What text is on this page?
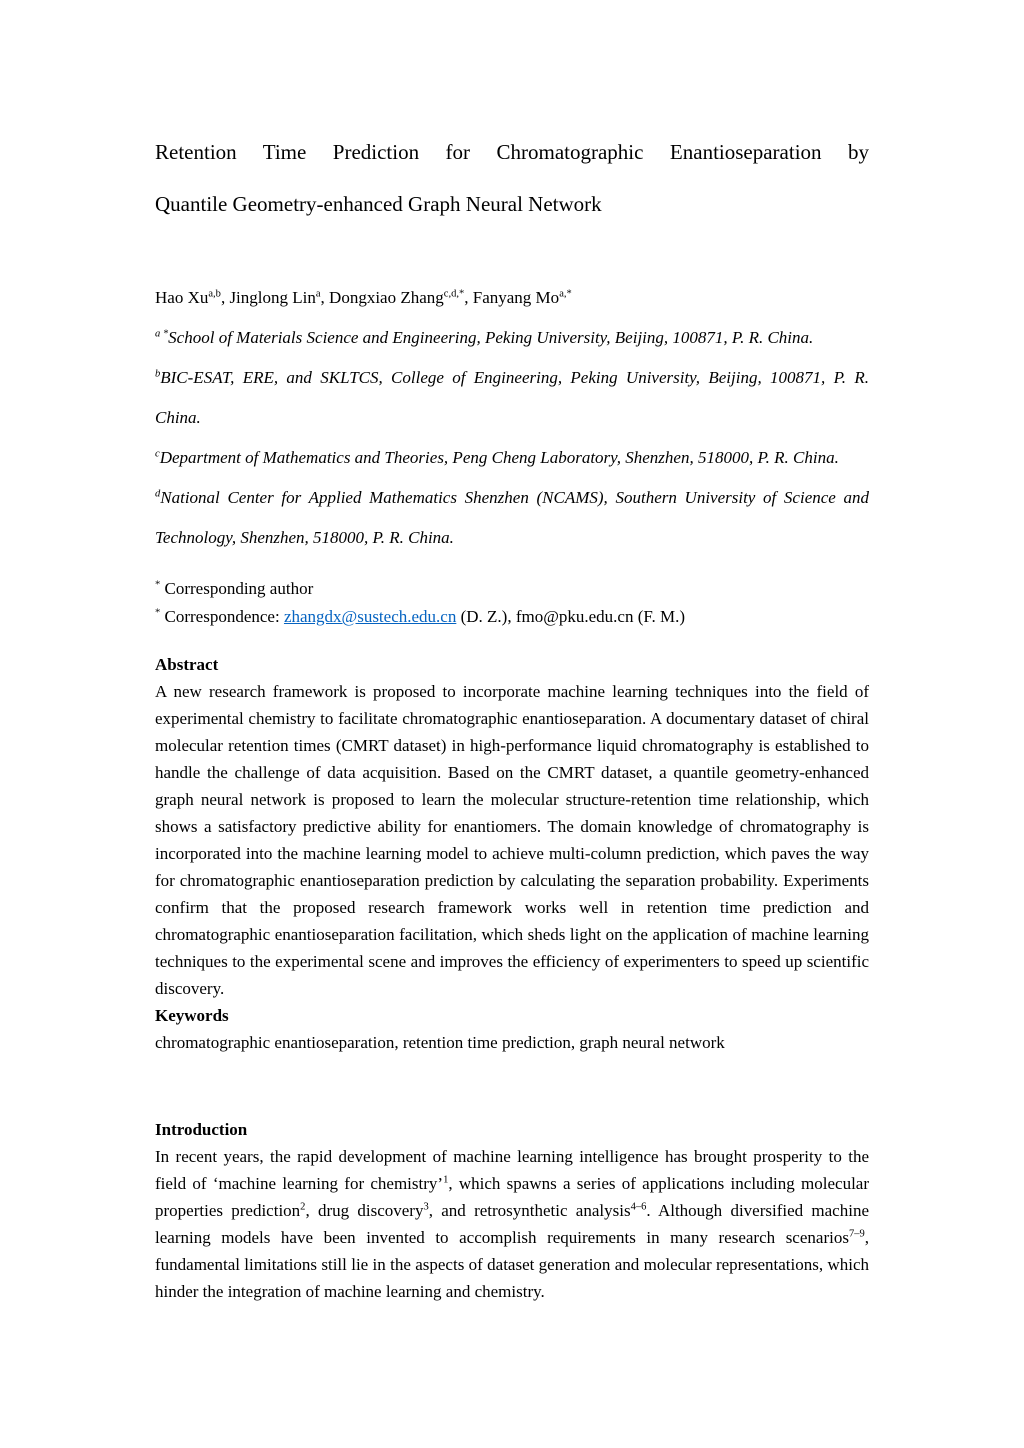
Retention Time Prediction for Chromatographic Enantioseparation by

Quantile Geometry-enhanced Graph Neural Network

Hao Xu$^{a,b}$, Jinglong Lin$^a$, Dongxiao Zhang$^{c,d,*}$, Fanyang $Mo^{a,*}$

$^{a *}$School of Materials Science and Engineering, Peking University, Beijing, 100871, P. R. China.

$^b$BIC-ESAT, ERE, and SKLTCS, College of Engineering, Peking University, Beijing, 100871, P. R. China.

$^c$Department of Mathematics and Theories, Peng Cheng Laboratory, Shenzhen, 518000, P. R. China.

$^d$National Center for Applied Mathematics Shenzhen (NCAMS), Southern University of Science and Technology, Shenzhen, 518000, P. R. China.

* Corresponding author

* Correspondence: zhangdx@sustech.edu.cn (D. Z.), fmo@pku.edu.cn (F. M.)

Abstract

A new research framework is proposed to incorporate machine learning techniques into the field of experimental chemistry to facilitate chromatographic enantioseparation. A documentary dataset of chiral molecular retention times (CMRT dataset) in high-performance liquid chromatography is established to handle the challenge of data acquisition. Based on the CMRT dataset, a quantile geometry-enhanced graph neural network is proposed to learn the molecular structure-retention time relationship, which shows a satisfactory predictive ability for enantiomers. The domain knowledge of chromatography is incorporated into the machine learning model to achieve multi-column prediction, which paves the way for chromatographic enantioseparation prediction by calculating the separation probability. Experiments confirm that the proposed research framework works well in retention time prediction and chromatographic enantioseparation facilitation, which sheds light on the application of machine learning techniques to the experimental scene and improves the efficiency of experimenters to speed up scientific discovery.

Keywords

chromatographic enantioseparation, retention time prediction, graph neural network

Introduction

In recent years, the rapid development of machine learning intelligence has brought prosperity to the field of ‘machine learning for chemistry’$^1$, which spawns a series of applications including molecular properties prediction$^2$, drug discovery$^3$, and retrosynthetic analysis$^{4-6}$. Although diversified machine learning models have been invented to accomplish requirements in many research scenarios$^{7-9}$, fundamental limitations still lie in the aspects of dataset generation and molecular representations, which hinder the integration of machine learning and chemistry.
